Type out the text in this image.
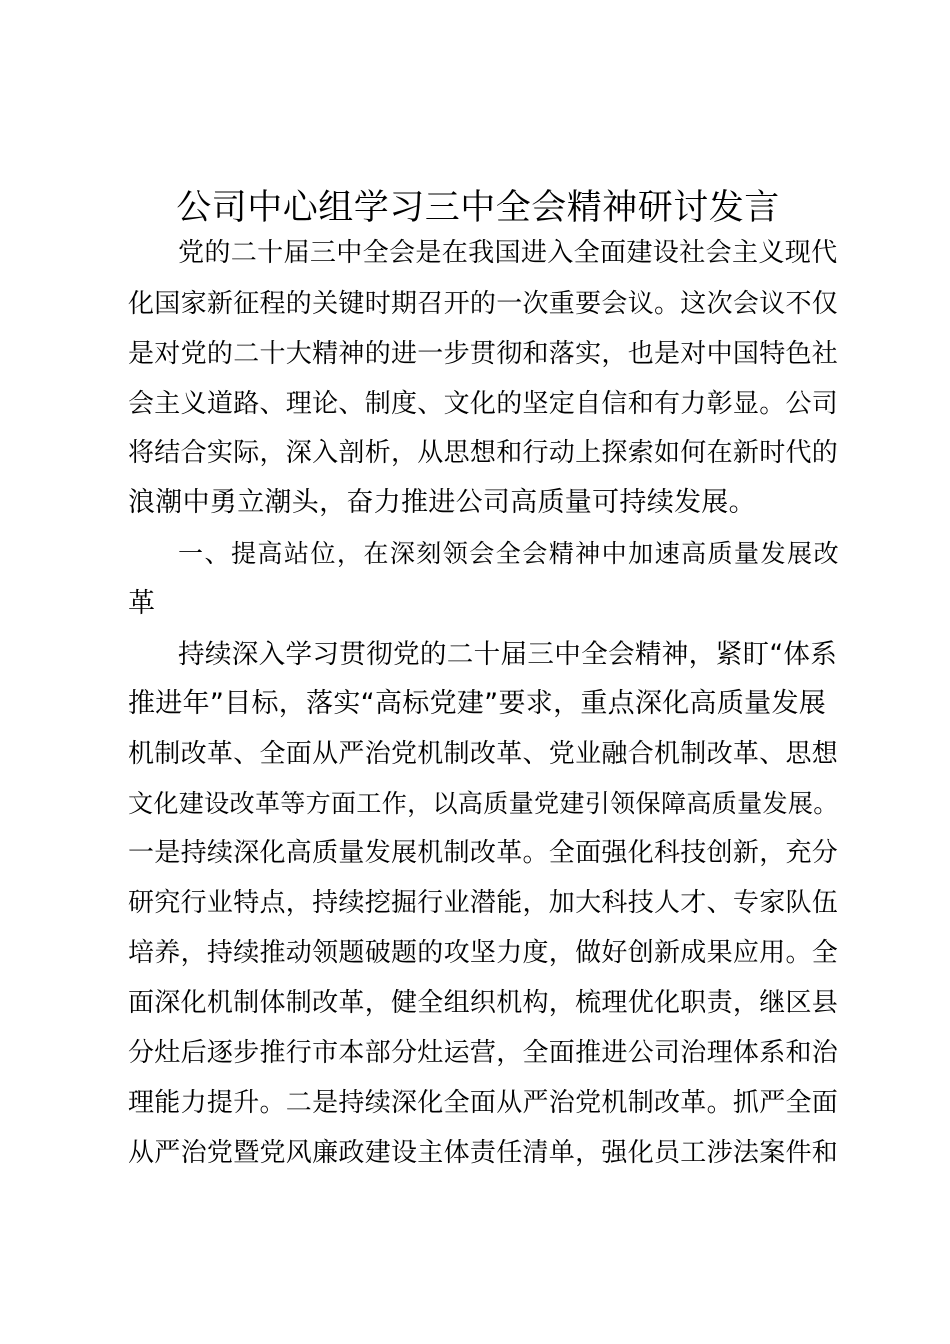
公司中心组学习三中全会精神研讨发言

党的二十届三中全会是在我国进入全面建设社会主义现代

化国家新征程的关键时期召开的一次重要会议。这次会议不仅

是对党的二十大精神的进一步贯彻和落实，也是对中国特色社

会主义道路、理论、制度、文化的坚定自信和有力彰显。公司

将结合实际，深入剖析，从思想和行动上探索如何在新时代的

浪潮中勇立潮头，奋力推进公司高质量可持续发展。

一、提高站位，在深刻领会全会精神中加速高质量发展改

革

持续深入学习贯彻党的二十届三中全会精神，紧盯“体系

推进年”目标，落实“高标党建”要求，重点深化高质量发展

机制改革、全面从严治党机制改革、党业融合机制改革、思想

文化建设改革等方面工作，以高质量党建引领保障高质量发展。

一是持续深化高质量发展机制改革。全面强化科技创新，充分

研究行业特点，持续挖掘行业潜能，加大科技人才、专家队伍

培养，持续推动领题破题的攻坚力度，做好创新成果应用。全

面深化机制体制改革，健全组织机构，梳理优化职责，继区县

分灶后逐步推行市本部分灶运营，全面推进公司治理体系和治

理能力提升。二是持续深化全面从严治党机制改革。抓严全面

从严治党暨党风廉政建设主体责任清单，强化员工涉法案件和
